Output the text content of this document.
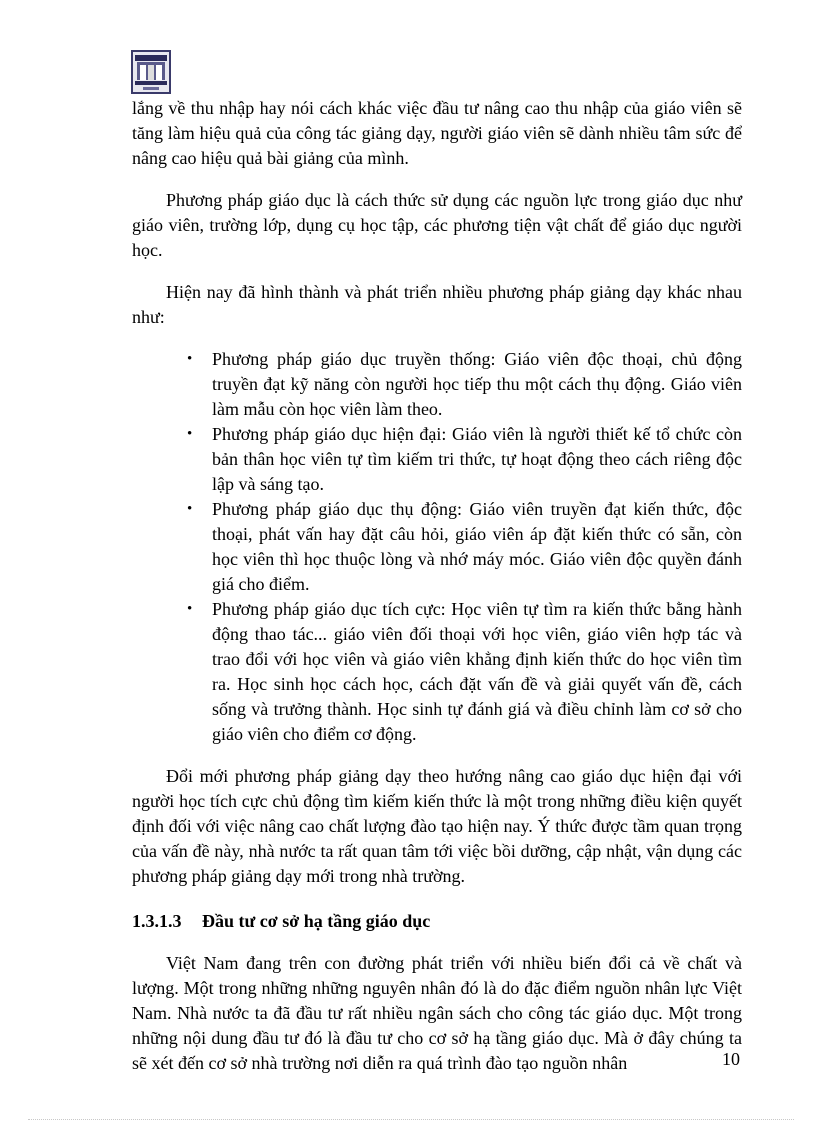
lắng về thu nhập hay nói cách khác việc đầu tư nâng cao thu nhập của giáo viên sẽ tăng làm hiệu quả của công tác giảng dạy, người giáo viên sẽ dành nhiều tâm sức để nâng cao hiệu quả bài giảng của mình.

Phương pháp giáo dục là cách thức sử dụng các nguồn lực trong giáo dục như giáo viên, trường lớp, dụng cụ học tập, các phương tiện vật chất để giáo dục người học.

Hiện nay đã hình thành và phát triển nhiều phương pháp giảng dạy khác nhau như:

• Phương pháp giáo dục truyền thống: Giáo viên độc thoại, chủ động truyền đạt kỹ năng còn người học tiếp thu một cách thụ động. Giáo viên làm mẫu còn học viên làm theo.
• Phương pháp giáo dục hiện đại: Giáo viên là người thiết kế tổ chức còn bản thân học viên tự tìm kiếm tri thức, tự hoạt động theo cách riêng độc lập và sáng tạo.
• Phương pháp giáo dục thụ động: Giáo viên truyền đạt kiến thức, độc thoại, phát vấn hay đặt câu hỏi, giáo viên áp đặt kiến thức có sẵn, còn học viên thì học thuộc lòng và nhớ máy móc. Giáo viên độc quyền đánh giá cho điểm.
• Phương pháp giáo dục tích cực: Học viên tự tìm ra kiến thức bằng hành động thao tác... giáo viên đối thoại với học viên, giáo viên hợp tác và trao đổi với học viên và giáo viên khẳng định kiến thức do học viên tìm ra. Học sinh học cách học, cách đặt vấn đề và giải quyết vấn đề, cách sống và trưởng thành. Học sinh tự đánh giá và điều chỉnh làm cơ sở cho giáo viên cho điểm cơ động.

Đổi mới phương pháp giảng dạy theo hướng nâng cao giáo dục hiện đại với người học tích cực chủ động tìm kiếm kiến thức là một trong những điều kiện quyết định đối với việc nâng cao chất lượng đào tạo hiện nay. Ý thức được tầm quan trọng của vấn đề này, nhà nước ta rất quan tâm tới việc bồi dưỡng, cập nhật, vận dụng các phương pháp giảng dạy mới trong nhà trường.

1.3.1.3	Đầu tư cơ sở hạ tầng giáo dục

Việt Nam đang trên con đường phát triển với nhiều biến đổi cả về chất và lượng. Một trong những những nguyên nhân đó là do đặc điểm nguồn nhân lực Việt Nam. Nhà nước ta đã đầu tư rất nhiều ngân sách cho công tác giáo dục. Một trong những nội dung đầu tư đó là đầu tư cho cơ sở hạ tầng giáo dục. Mà ở đây chúng ta sẽ xét đến cơ sở nhà trường nơi diễn ra quá trình đào tạo nguồn nhân	10
